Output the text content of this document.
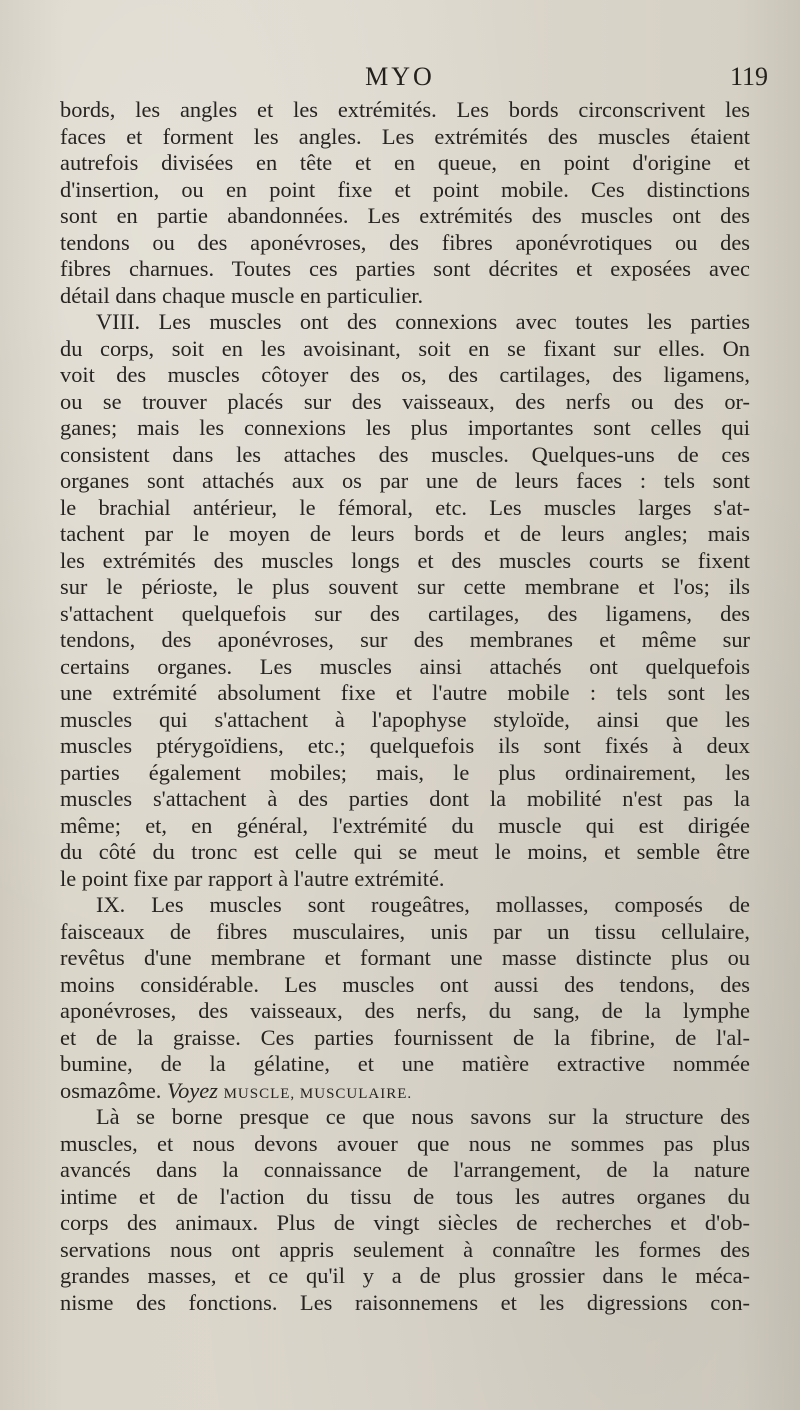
MYO	119
bords, les angles et les extrémités. Les bords circonscrivent les
faces et forment les angles. Les extrémités des muscles étaient
autrefois divisées en tête et en queue, en point d'origine et
d'insertion, ou en point fixe et point mobile. Ces distinctions
sont en partie abandonnées. Les extrémités des muscles ont des
tendons ou des aponévroses, des fibres aponévrotiques ou des
fibres charnues. Toutes ces parties sont décrites et exposées avec
détail dans chaque muscle en particulier.
VIII. Les muscles ont des connexions avec toutes les parties
du corps, soit en les avoisinant, soit en se fixant sur elles. On
voit des muscles côtoyer des os, des cartilages, des ligamens,
ou se trouver placés sur des vaisseaux, des nerfs ou des or-
ganes; mais les connexions les plus importantes sont celles qui
consistent dans les attaches des muscles. Quelques-uns de ces
organes sont attachés aux os par une de leurs faces : tels sont
le brachial antérieur, le fémoral, etc. Les muscles larges s'at-
tachent par le moyen de leurs bords et de leurs angles; mais
les extrémités des muscles longs et des muscles courts se fixent
sur le périoste, le plus souvent sur cette membrane et l'os; ils
s'attachent quelquefois sur des cartilages, des ligamens, des
tendons, des aponévroses, sur des membranes et même sur
certains organes. Les muscles ainsi attachés ont quelquefois
une extrémité absolument fixe et l'autre mobile : tels sont les
muscles qui s'attachent à l'apophyse styloïde, ainsi que les
muscles ptérygoïdiens, etc.; quelquefois ils sont fixés à deux
parties également mobiles; mais, le plus ordinairement, les
muscles s'attachent à des parties dont la mobilité n'est pas la
même; et, en général, l'extrémité du muscle qui est dirigée
du côté du tronc est celle qui se meut le moins, et semble être
le point fixe par rapport à l'autre extrémité.
IX. Les muscles sont rougeâtres, mollasses, composés de
faisceaux de fibres musculaires, unis par un tissu cellulaire,
revêtus d'une membrane et formant une masse distincte plus ou
moins considérable. Les muscles ont aussi des tendons, des
aponévroses, des vaisseaux, des nerfs, du sang, de la lymphe
et de la graisse. Ces parties fournissent de la fibrine, de l'al-
bumine, de la gélatine, et une matière extractive nommée
osmazôme. Voyez MUSCLE, MUSCULAIRE.
Là se borne presque ce que nous savons sur la structure des
muscles, et nous devons avouer que nous ne sommes pas plus
avancés dans la connaissance de l'arrangement, de la nature
intime et de l'action du tissu de tous les autres organes du
corps des animaux. Plus de vingt siècles de recherches et d'ob-
servations nous ont appris seulement à connaître les formes des
grandes masses, et ce qu'il y a de plus grossier dans le méca-
nisme des fonctions. Les raisonnemens et les digressions con-
